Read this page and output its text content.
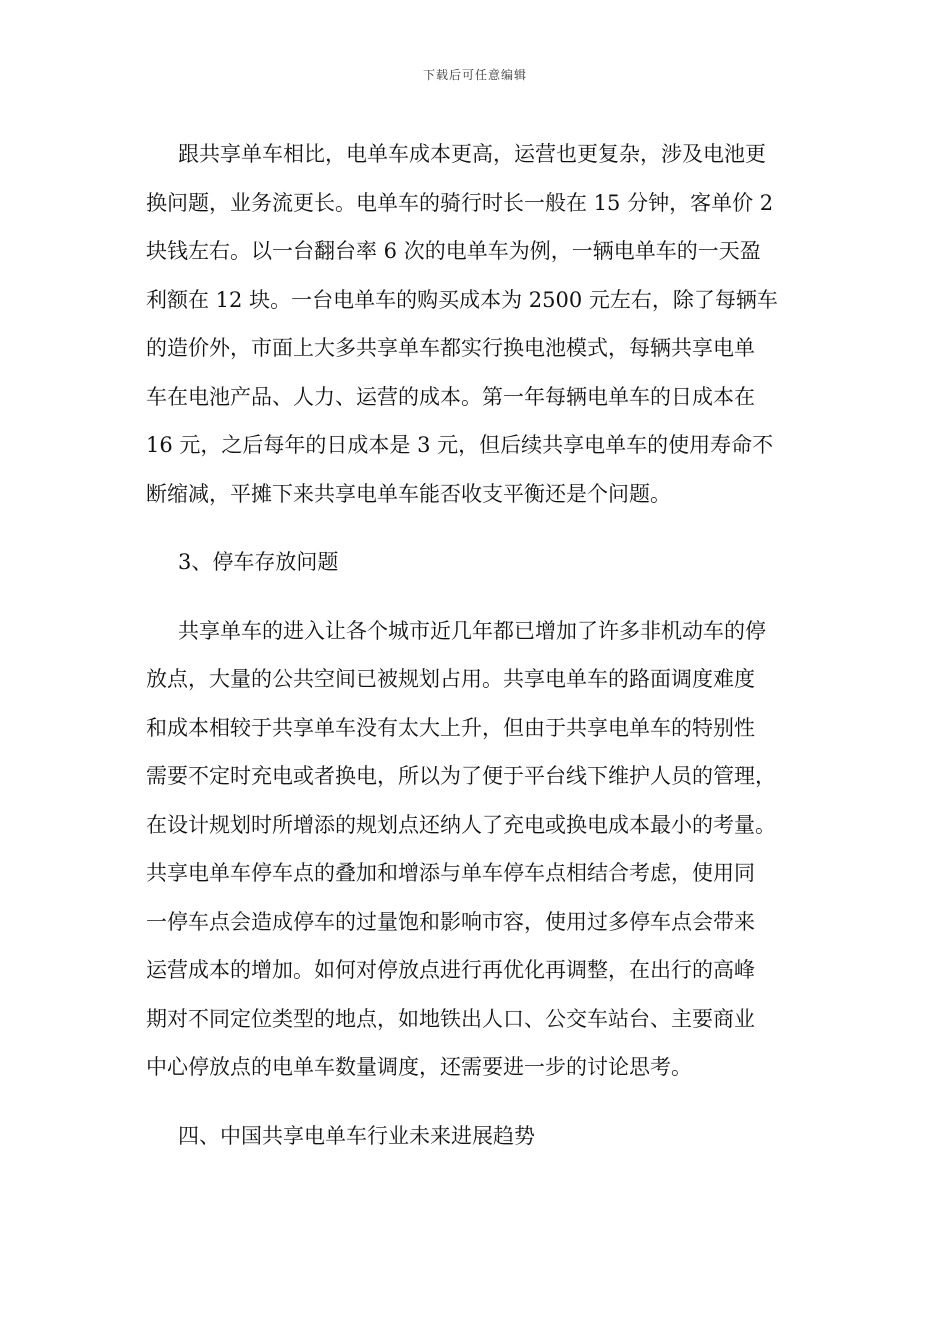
下载后可任意编辑
跟共享单车相比，电单车成本更高，运营也更复杂，涉及电池更
换问题，业务流更长。电单车的骑行时长一般在 15 分钟，客单价 2
块钱左右。以一台翻台率 6 次的电单车为例，一辆电单车的一天盈
利额在 12 块。一台电单车的购买成本为 2500 元左右，除了每辆车
的造价外，市面上大多共享单车都实行换电池模式，每辆共享电单
车在电池产品、人力、运营的成本。第一年每辆电单车的日成本在
16 元，之后每年的日成本是 3 元，但后续共享电单车的使用寿命不
断缩减，平摊下来共享电单车能否收支平衡还是个问题。
3、停车存放问题
共享单车的进入让各个城市近几年都已增加了许多非机动车的停
放点，大量的公共空间已被规划占用。共享电单车的路面调度难度
和成本相较于共享单车没有太大上升，但由于共享电单车的特别性
需要不定时充电或者换电，所以为了便于平台线下维护人员的管理，
在设计规划时所增添的规划点还纳人了充电或换电成本最小的考量。
共享电单车停车点的叠加和增添与单车停车点相结合考虑，使用同
一停车点会造成停车的过量饱和影响市容，使用过多停车点会带来
运营成本的增加。如何对停放点进行再优化再调整，在出行的高峰
期对不同定位类型的地点，如地铁出人口、公交车站台、主要商业
中心停放点的电单车数量调度，还需要进一步的讨论思考。
四、中国共享电单车行业未来进展趋势
